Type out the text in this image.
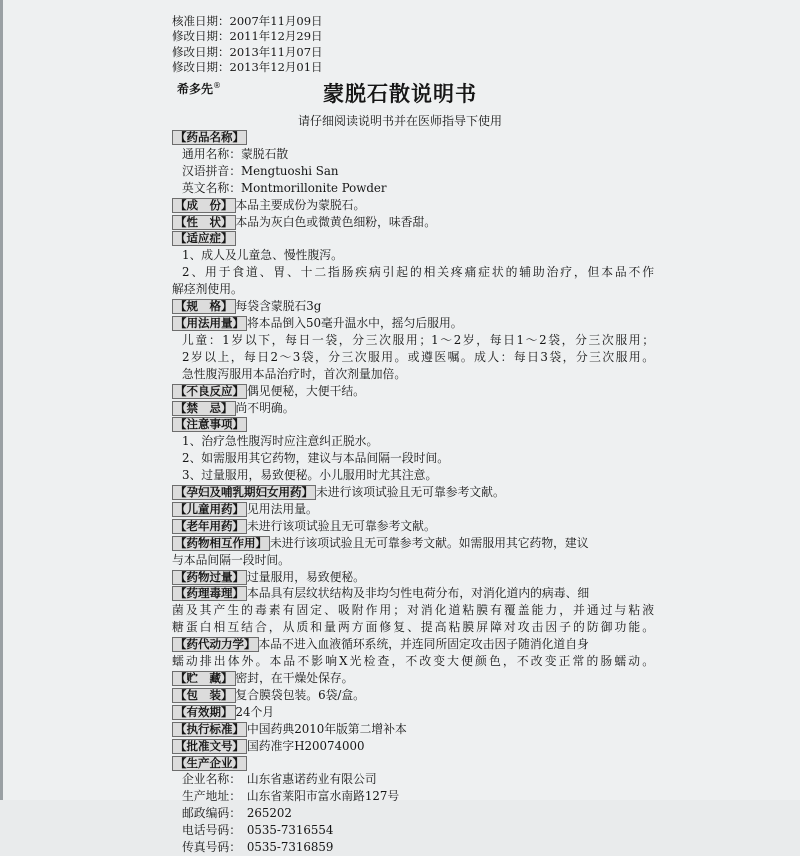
核准日期：2007年11月09日
修改日期：2011年12月29日
修改日期：2013年11月07日
修改日期：2013年12月01日
希多先®	蒙脱石散说明书
请仔细阅读说明书并在医师指导下使用
【药品名称】
通用名称：蒙脱石散
汉语拼音：Mengtuoshi San
英文名称：Montmorillonite Powder
【成　份】 本品主要成份为蒙脱石。
【性　状】 本品为灰白色或微黄色细粉，味香甜。
【适应症】
1、成人及儿童急、慢性腹泻。
2、用于食道、胃、十二指肠疾病引起的相关疼痛症状的辅助治疗，但本品不作
解痉剂使用。
【规　格】 每袋含蒙脱石3g
【用法用量】 将本品倒入50毫升温水中，摇匀后服用。
儿童：1岁以下，每日一袋，分三次服用；1～2岁，每日1～2袋，分三次服用；
2岁以上，每日2～3袋，分三次服用。或遵医嘱。成人：每日3袋，分三次服用。
急性腹泻服用本品治疗时，首次剂量加倍。
【不良反应】 偶见便秘，大便干结。
【禁　忌】 尚不明确。
【注意事项】
1、治疗急性腹泻时应注意纠正脱水。
2、如需服用其它药物，建议与本品间隔一段时间。
3、过量服用，易致便秘。小儿服用时尤其注意。
【孕妇及哺乳期妇女用药】 未进行该项试验且无可靠参考文献。
【儿童用药】 见用法用量。
【老年用药】 未进行该项试验且无可靠参考文献。
【药物相互作用】 未进行该项试验且无可靠参考文献。如需服用其它药物，建议
与本品间隔一段时间。
【药物过量】 过量服用，易致便秘。
【药理毒理】 本品具有层纹状结构及非均匀性电荷分布，对消化道内的病毒、细
菌及其产生的毒素有固定、吸附作用；对消化道粘膜有覆盖能力，并通过与粘液
糖蛋白相互结合，从质和量两方面修复、提高粘膜屏障对攻击因子的防御功能。
【药代动力学】 本品不进入血液循环系统，并连同所固定攻击因子随消化道自身
蠕动排出体外。本品不影响X光检查，不改变大便颜色，不改变正常的肠蠕动。
【贮　藏】 密封，在干燥处保存。
【包　装】 复合膜袋包装。6袋/盒。
【有效期】 24个月
【执行标准】 中国药典2010年版第二增补本
【批准文号】 国药准字H20074000
【生产企业】
企业名称：　山东省惠诺药业有限公司
生产地址：　山东省莱阳市富水南路127号
邮政编码：　265202
电话号码：　0535-7316554
传真号码：　0535-7316859
